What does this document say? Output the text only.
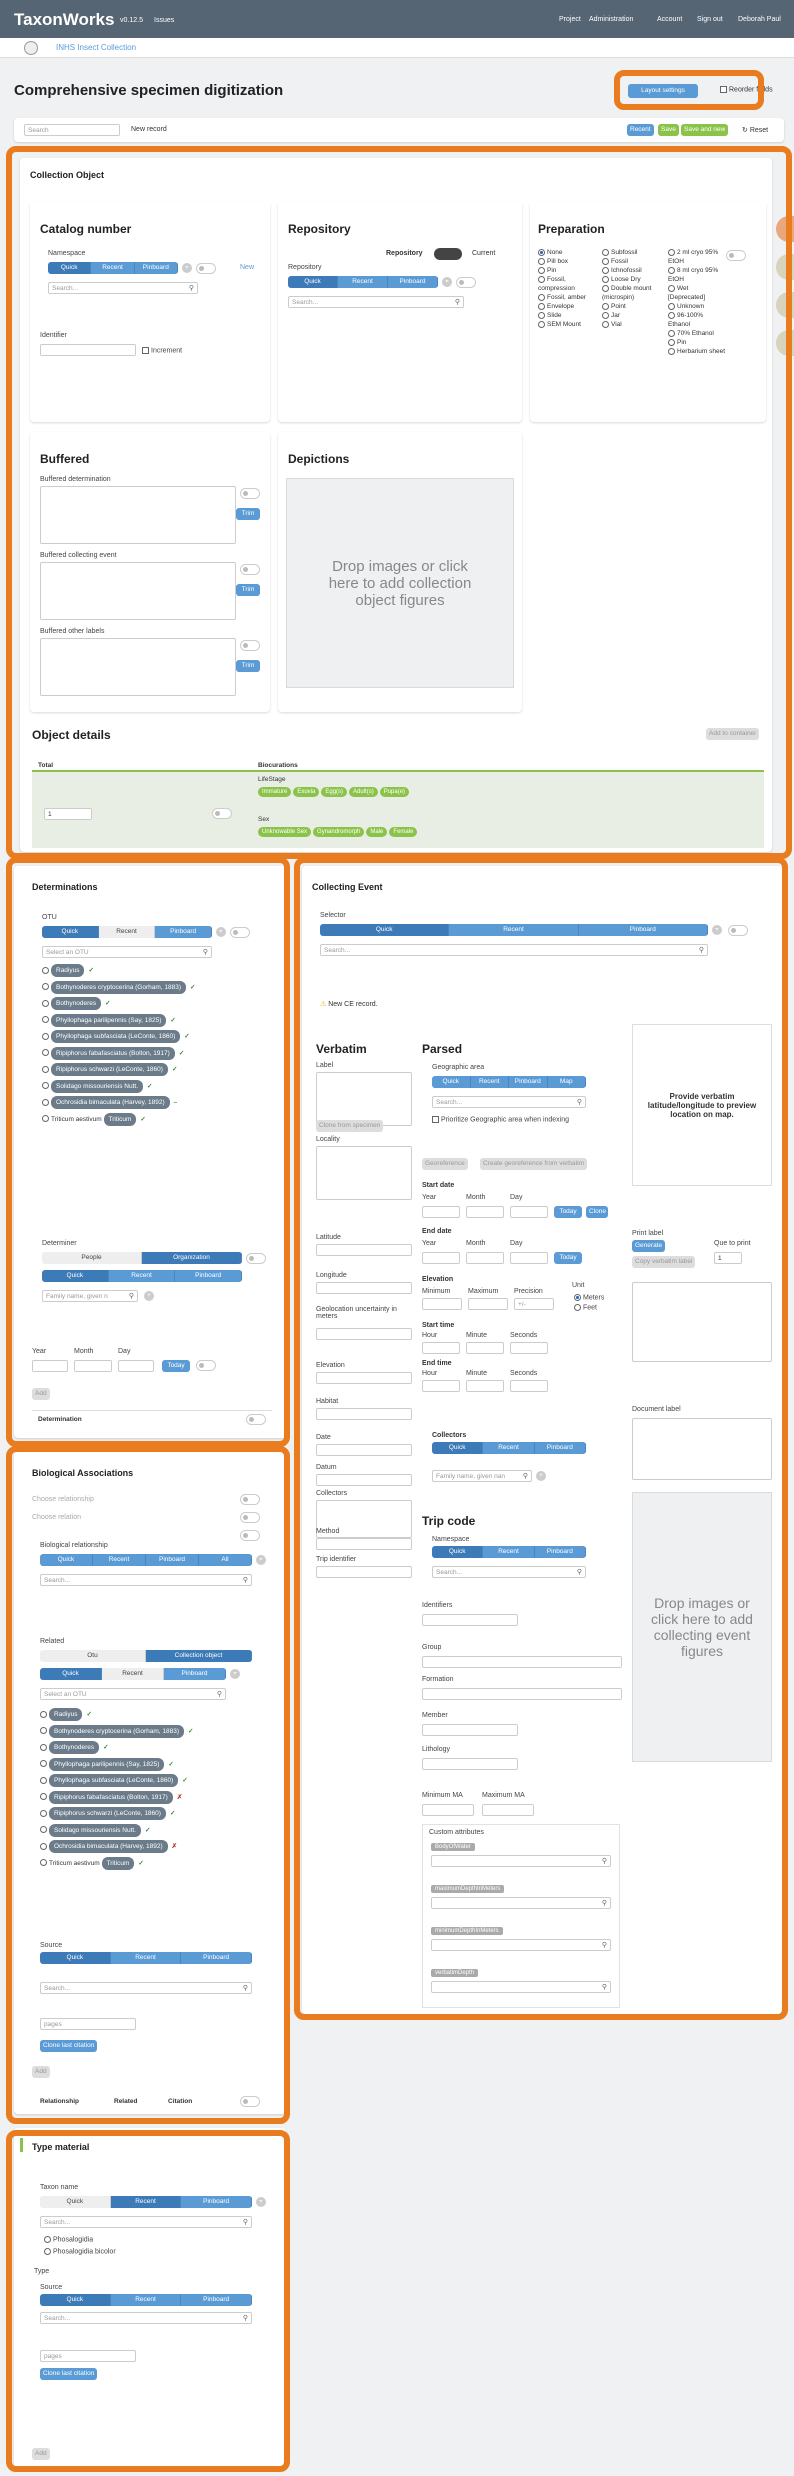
TaxonWorks v0.12.5 Issues	Project Administration	Account Sign out Deborah Paul
INHS Insect Collection
Comprehensive specimen digitization	Layout settings	Reorder fields
Search	New record	Recent	Save	Save and new	↻ Reset
Collection Object
Catalog number
Namespace
Quick	Recent	Pinboard	⌖	New
Search...	⚲
Identifier
Increment
Repository
Repository	Current
Repository
Quick	Recent	Pinboard	⌖
Search...	⚲
Preparation
None
Pill box
Pin
Fossil, compression
Fossil, amber
Envelope
Slide
SEM Mount
Subfossil
Fossil
Ichnofossil
Loose Dry
Double mount (microspin)
Point
Jar
Vial
2 ml cryo 95% EtOH
8 ml cryo 95% EtOH
Wet [Deprecated]
Unknown
96-100% Ethanol
70% Ethanol
Pin
Herbarium sheet
Buffered
Buffered determination
Trim
Buffered collecting event
Trim
Buffered other labels
Trim
Depictions
Drop images or click here to add collection object figures
Object details	Add to container
Total	Biocurations
1
LifeStage
Immature Exuvia Egg(s) Adult(s) Pupa(e)
Sex
Unknowable Sex Gynandromorph Male Female
Determinations
OTU
Quick	Recent	Pinboard	⌖
Select an OTU	⚲
Radiyus ✓
Bothynoderes cryptocerina (Gorham, 1883) ✓
Bothynoderes ✓
Phyllophaga parilipennis (Say, 1825) ✓
Phyllophaga subfasciata (LeConte, 1860) ✓
Ripiphorus fabafasciatus (Bolton, 1917) ✓
Ripiphorus schwarzi (LeConte, 1860) ✓
Solidago missouriensis Nutt. ✓
Ochrosidia bimaculata (Harvey, 1892) –
Triticum aestivum Triticum ✓
Determiner
People	Organization
Quick	Recent	Pinboard
Family name, given n	⚲	+
Year	Month	Day
Today
Add
Determination
Collecting Event
Selector
Quick	Recent	Pinboard	⌖
Search...	⚲
⚠ New CE record.
Verbatim
Label
Locality
Latitude
Longitude
Geolocation uncertainty in meters
Elevation
Habitat
Date
Datum
Collectors
Method
Trip identifier
Clone from specimen
Parsed
Geographic area
Quick	Recent	Pinboard	Map
Search...	⚲
Prioritize Geographic area when indexing
Georeference	Create georeference from verbatim
Start date
Year	Month	Day
Today	Clone
End date
Year	Month	Day
Today
Elevation
Minimum	Maximum Precision
Unit
+/-
Meters
Feet
Start time
Hour	Minute	Seconds
End time
Hour	Minute	Seconds
Collectors
Quick	Recent	Pinboard
Family name, given nan	⚲	+
Provide verbatim latitude/longitude to preview location on map.
Print label
Generate
Copy verbatim label
Que to print
1
Document label
Drop images or click here to add collecting event figures
Trip code
Namespace
Quick	Recent	Pinboard
Search...	⚲
Identifiers
Group
Formation
Member
Lithology
Minimum MA	Maximum MA
Custom attributes
BodyOfWater
⚲
maximumDepthInMeters
⚲
minimumDepthInMeters
⚲
verbatimDepth
⚲
Biological Associations
Choose relationship
Choose relation
Biological relationship
Quick	Recent	Pinboard	All	⌖
Search...	⚲
Related
Otu	Collection object
Quick	Recent	Pinboard	⌖
Select an OTU	⚲
Radiyus ✓
Bothynoderes cryptocerina (Gorham, 1883) ✓
Bothynoderes ✓
Phyllophaga parilipennis (Say, 1825) ✓
Phyllophaga subfasciata (LeConte, 1860) ✓
Ripiphorus fabafasciatus (Bolton, 1917) ✗
Ripiphorus schwarzi (LeConte, 1860) ✓
Solidago missouriensis Nutt. ✓
Ochrosidia bimaculata (Harvey, 1892) ✗
Triticum aestivum Triticum ✓
Source
Quick	Recent	Pinboard
Search...	⚲
pages
Clone last citation
Add
Relationship	Related	Citation
Type material
Taxon name
Quick	Recent	Pinboard	⌖
Search...	⚲
Phosalogidia
Phosalogidia bicolor
Type
Source
Quick	Recent	Pinboard
Search...	⚲
pages
Clone last citation
Add
